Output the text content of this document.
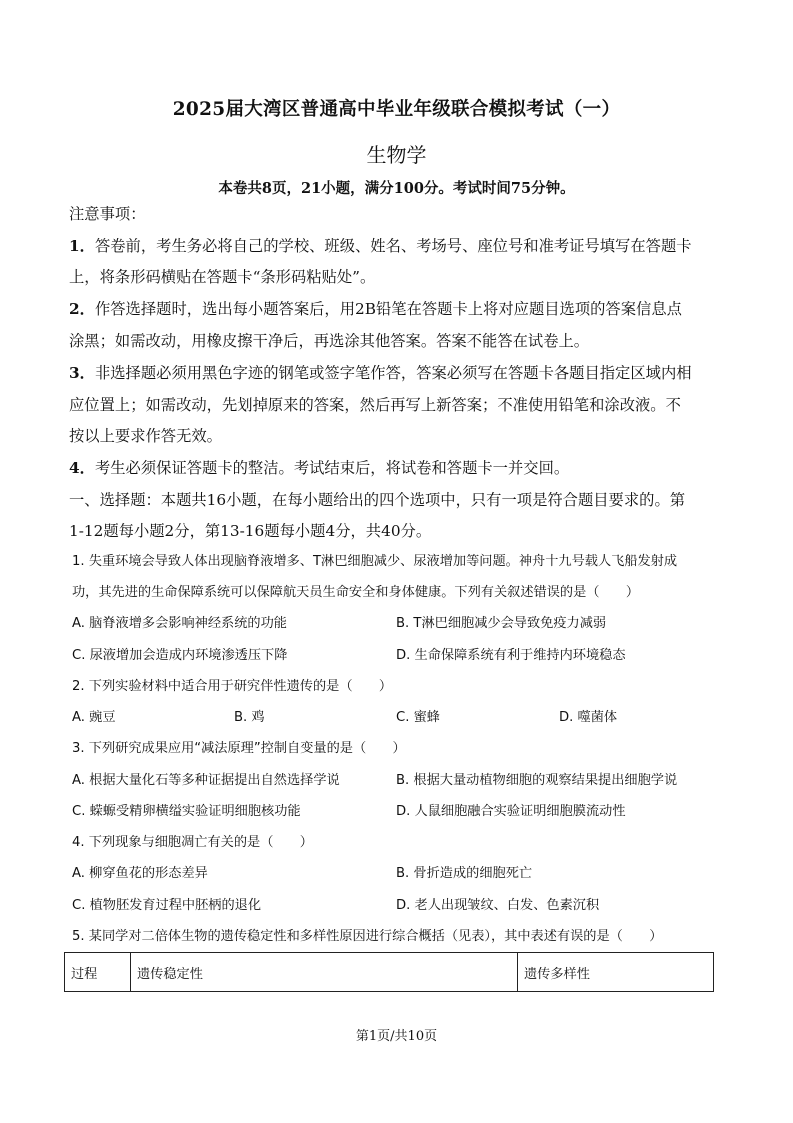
2025届大湾区普通高中毕业年级联合模拟考试（一）
生物学
本卷共8页，21小题，满分100分。考试时间75分钟。
注意事项：
1．答卷前，考生务必将自己的学校、班级、姓名、考场号、座位号和准考证号填写在答题卡
上，将条形码横贴在答题卡“条形码粘贴处”。
2．作答选择题时，选出每小题答案后，用2B铅笔在答题卡上将对应题目选项的答案信息点
涂黑；如需改动，用橡皮擦干净后，再选涂其他答案。答案不能答在试卷上。
3．非选择题必须用黑色字迹的钢笔或签字笔作答，答案必须写在答题卡各题目指定区域内相
应位置上；如需改动，先划掉原来的答案，然后再写上新答案；不准使用铅笔和涂改液。不
按以上要求作答无效。
4．考生必须保证答题卡的整洁。考试结束后，将试卷和答题卡一并交回。
一、选择题：本题共16小题，在每小题给出的四个选项中，只有一项是符合题目要求的。第
1-12题每小题2分，第13-16题每小题4分，共40分。
1. 失重环境会导致人体出现脑脊液增多、T淋巴细胞减少、尿液增加等问题。神舟十九号载人飞船发射成
功，其先进的生命保障系统可以保障航天员生命安全和身体健康。下列有关叙述错误的是（　　）
A. 脑脊液增多会影响神经系统的功能	B. T淋巴细胞减少会导致免疫力减弱
C. 尿液增加会造成内环境渗透压下降	D. 生命保障系统有利于维持内环境稳态
2. 下列实验材料中适合用于研究伴性遗传的是（　　）
A. 豌豆	B. 鸡	C. 蜜蜂	D. 噬菌体
3. 下列研究成果应用“减法原理”控制自变量的是（　　）
A. 根据大量化石等多种证据提出自然选择学说	B. 根据大量动植物细胞的观察结果提出细胞学说
C. 蝾螈受精卵横缢实验证明细胞核功能	D. 人鼠细胞融合实验证明细胞膜流动性
4. 下列现象与细胞凋亡有关的是（　　）
A. 柳穿鱼花的形态差异	B. 骨折造成的细胞死亡
C. 植物胚发育过程中胚柄的退化	D. 老人出现皱纹、白发、色素沉积
5. 某同学对二倍体生物的遗传稳定性和多样性原因进行综合概括（见表），其中表述有误的是（　　）
过程	遗传稳定性	遗传多样性
第1页/共10页
